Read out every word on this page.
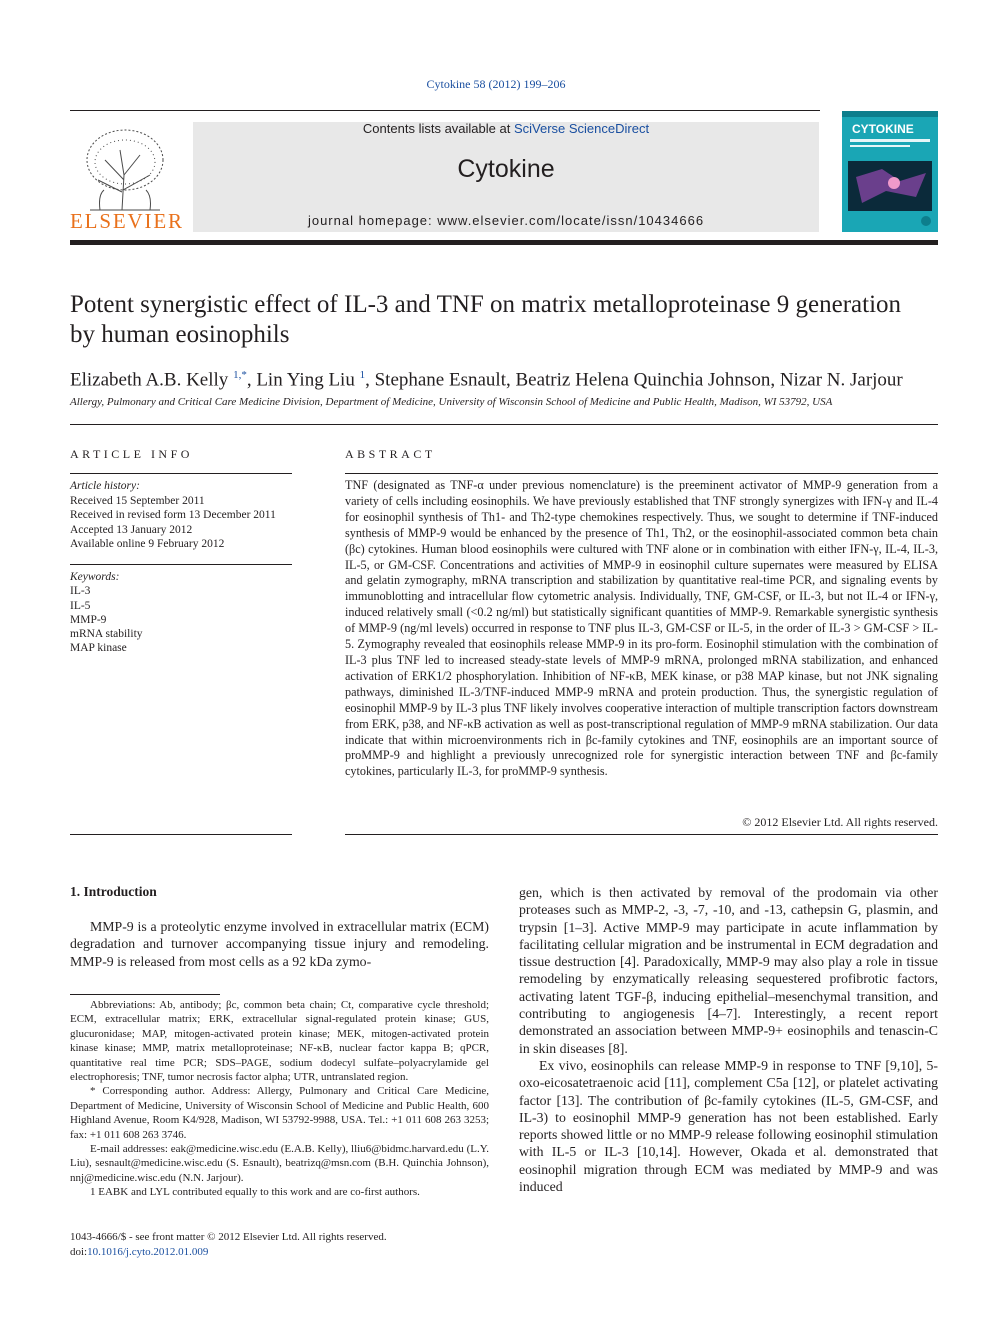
Cytokine 58 (2012) 199–206
ELSEVIER
Contents lists available at SciVerse ScienceDirect
Cytokine
journal homepage: www.elsevier.com/locate/issn/10434666
CYTOKINE
Potent synergistic effect of IL-3 and TNF on matrix metalloproteinase 9 generation by human eosinophils
Elizabeth A.B. Kelly $^{1,*}$, Lin Ying Liu $^1$, Stephane Esnault, Beatriz Helena Quinchia Johnson, Nizar N. Jarjour
Allergy, Pulmonary and Critical Care Medicine Division, Department of Medicine, University of Wisconsin School of Medicine and Public Health, Madison, WI 53792, USA
ARTICLE INFO
Article history:
Received 15 September 2011
Received in revised form 13 December 2011
Accepted 13 January 2012
Available online 9 February 2012
Keywords:
IL-3
IL-5
MMP-9
mRNA stability
MAP kinase
ABSTRACT
TNF (designated as TNF-α under previous nomenclature) is the preeminent activator of MMP-9 generation from a variety of cells including eosinophils. We have previously established that TNF strongly synergizes with IFN-γ and IL-4 for eosinophil synthesis of Th1- and Th2-type chemokines respectively. Thus, we sought to determine if TNF-induced synthesis of MMP-9 would be enhanced by the presence of Th1, Th2, or the eosinophil-associated common beta chain (βc) cytokines. Human blood eosinophils were cultured with TNF alone or in combination with either IFN-γ, IL-4, IL-3, IL-5, or GM-CSF. Concentrations and activities of MMP-9 in eosinophil culture supernates were measured by ELISA and gelatin zymography, mRNA transcription and stabilization by quantitative real-time PCR, and signaling events by immunoblotting and intracellular flow cytometric analysis. Individually, TNF, GM-CSF, or IL-3, but not IL-4 or IFN-γ, induced relatively small (<0.2 ng/ml) but statistically significant quantities of MMP-9. Remarkable synergistic synthesis of MMP-9 (ng/ml levels) occurred in response to TNF plus IL-3, GM-CSF or IL-5, in the order of IL-3 > GM-CSF > IL-5. Zymography revealed that eosinophils release MMP-9 in its pro-form. Eosinophil stimulation with the combination of IL-3 plus TNF led to increased steady-state levels of MMP-9 mRNA, prolonged mRNA stabilization, and enhanced activation of ERK1/2 phosphorylation. Inhibition of NF-κB, MEK kinase, or p38 MAP kinase, but not JNK signaling pathways, diminished IL-3/TNF-induced MMP-9 mRNA and protein production. Thus, the synergistic regulation of eosinophil MMP-9 by IL-3 plus TNF likely involves cooperative interaction of multiple transcription factors downstream from ERK, p38, and NF-κB activation as well as post-transcriptional regulation of MMP-9 mRNA stabilization. Our data indicate that within microenvironments rich in βc-family cytokines and TNF, eosinophils are an important source of proMMP-9 and highlight a previously unrecognized role for synergistic interaction between TNF and βc-family cytokines, particularly IL-3, for proMMP-9 synthesis.
© 2012 Elsevier Ltd. All rights reserved.
1. Introduction
MMP-9 is a proteolytic enzyme involved in extracellular matrix (ECM) degradation and turnover accompanying tissue injury and remodeling. MMP-9 is released from most cells as a 92 kDa zymo-

Abbreviations: Ab, antibody; βc, common beta chain; Ct, comparative cycle threshold; ECM, extracellular matrix; ERK, extracellular signal-regulated protein kinase; GUS, glucuronidase; MAP, mitogen-activated protein kinase; MEK, mitogen-activated protein kinase kinase; MMP, matrix metalloproteinase; NF-κB, nuclear factor kappa B; qPCR, quantitative real time PCR; SDS–PAGE, sodium dodecyl sulfate–polyacrylamide gel electrophoresis; TNF, tumor necrosis factor alpha; UTR, untranslated region.

* Corresponding author. Address: Allergy, Pulmonary and Critical Care Medicine, Department of Medicine, University of Wisconsin School of Medicine and Public Health, 600 Highland Avenue, Room K4/928, Madison, WI 53792-9988, USA. Tel.: +1 011 608 263 3253; fax: +1 011 608 263 3746.

E-mail addresses: eak@medicine.wisc.edu (E.A.B. Kelly), lliu6@bidmc.harvard.edu (L.Y. Liu), sesnault@medicine.wisc.edu (S. Esnault), beatrizq@msn.com (B.H. Quinchia Johnson), nnj@medicine.wisc.edu (N.N. Jarjour).

1 EABK and LYL contributed equally to this work and are co-first authors.

1043-4666/$ - see front matter © 2012 Elsevier Ltd. All rights reserved.
doi:10.1016/j.cyto.2012.01.009

gen, which is then activated by removal of the prodomain via other proteases such as MMP-2, -3, -7, -10, and -13, cathepsin G, plasmin, and trypsin [1–3]. Active MMP-9 may participate in acute inflammation by facilitating cellular migration and be instrumental in ECM degradation and tissue destruction [4]. Paradoxically, MMP-9 may also play a role in tissue remodeling by enzymatically releasing sequestered profibrotic factors, activating latent TGF-β, inducing epithelial–mesenchymal transition, and contributing to angiogenesis [4–7]. Interestingly, a recent report demonstrated an association between MMP-9+ eosinophils and tenascin-C in skin diseases [8].

Ex vivo, eosinophils can release MMP-9 in response to TNF [9,10], 5-oxo-eicosatetraenoic acid [11], complement C5a [12], or platelet activating factor [13]. The contribution of βc-family cytokines (IL-5, GM-CSF, and IL-3) to eosinophil MMP-9 generation has not been established. Early reports showed little or no MMP-9 release following eosinophil stimulation with IL-5 or IL-3 [10,14]. However, Okada et al. demonstrated that eosinophil migration through ECM was mediated by MMP-9 and was induced
